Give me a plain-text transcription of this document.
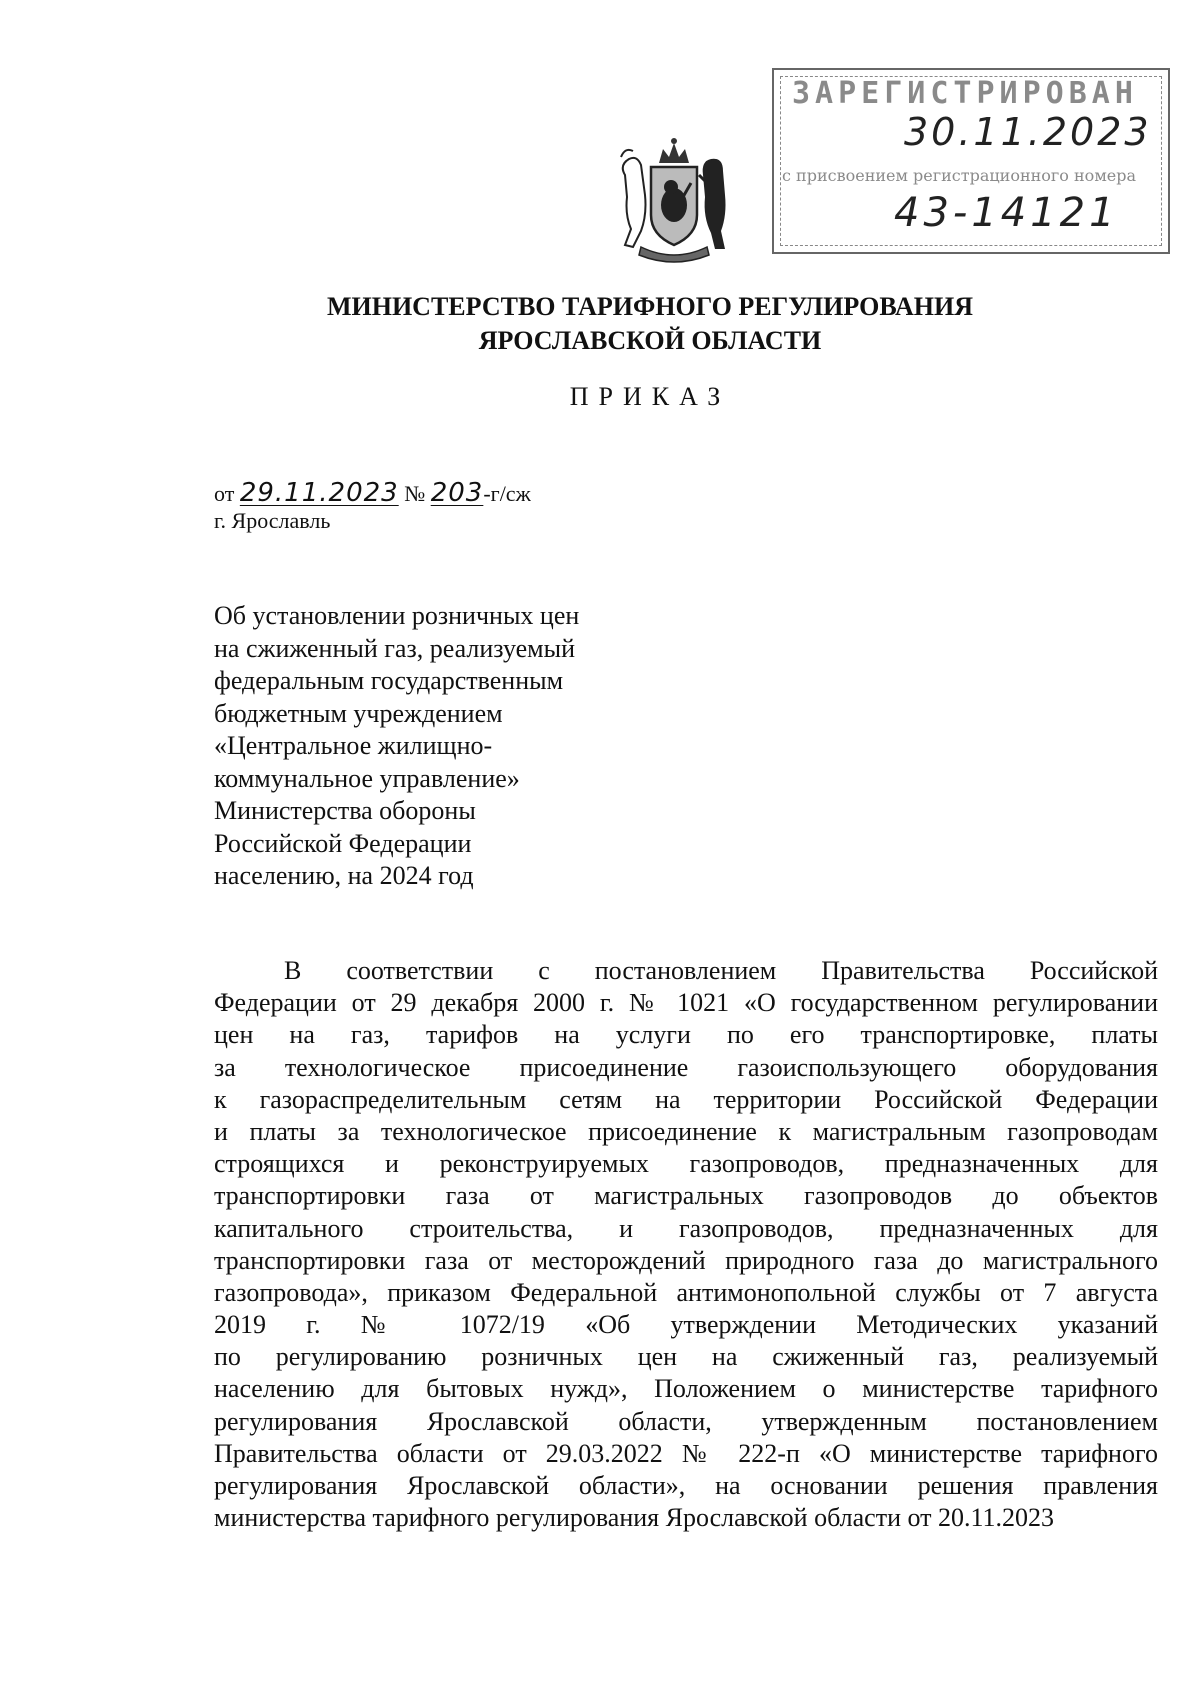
ЗАРЕГИСТРИРОВАН
30.11.2023
с присвоением регистрационного номера
43-14121
МИНИСТЕРСТВО ТАРИФНОГО РЕГУЛИРОВАНИЯ
ЯРОСЛАВСКОЙ ОБЛАСТИ
ПРИКАЗ
от 29.11.2023 № 203-г/сж
г. Ярославль
Об установлении розничных цен
на сжиженный газ, реализуемый
федеральным государственным
бюджетным учреждением
«Центральное жилищно-
коммунальное управление»
Министерства обороны
Российской Федерации
населению, на 2024 год
В соответствии с постановлением Правительства Российской
Федерации от 29 декабря 2000 г. № 1021 «О государственном регулировании
цен на газ, тарифов на услуги по его транспортировке, платы
за технологическое присоединение газоиспользующего оборудования
к газораспределительным сетям на территории Российской Федерации
и платы за технологическое присоединение к магистральным газопроводам
строящихся и реконструируемых газопроводов, предназначенных для
транспортировки газа от магистральных газопроводов до объектов
капитального строительства, и газопроводов, предназначенных для
транспортировки газа от месторождений природного газа до магистрального
газопровода», приказом Федеральной антимонопольной службы от 7 августа
2019 г. № 1072/19 «Об утверждении Методических указаний
по регулированию розничных цен на сжиженный газ, реализуемый
населению для бытовых нужд», Положением о министерстве тарифного
регулирования Ярославской области, утвержденным постановлением
Правительства области от 29.03.2022 № 222-п «О министерстве тарифного
регулирования Ярославской области», на основании решения правления
министерства тарифного регулирования Ярославской области от 20.11.2023
